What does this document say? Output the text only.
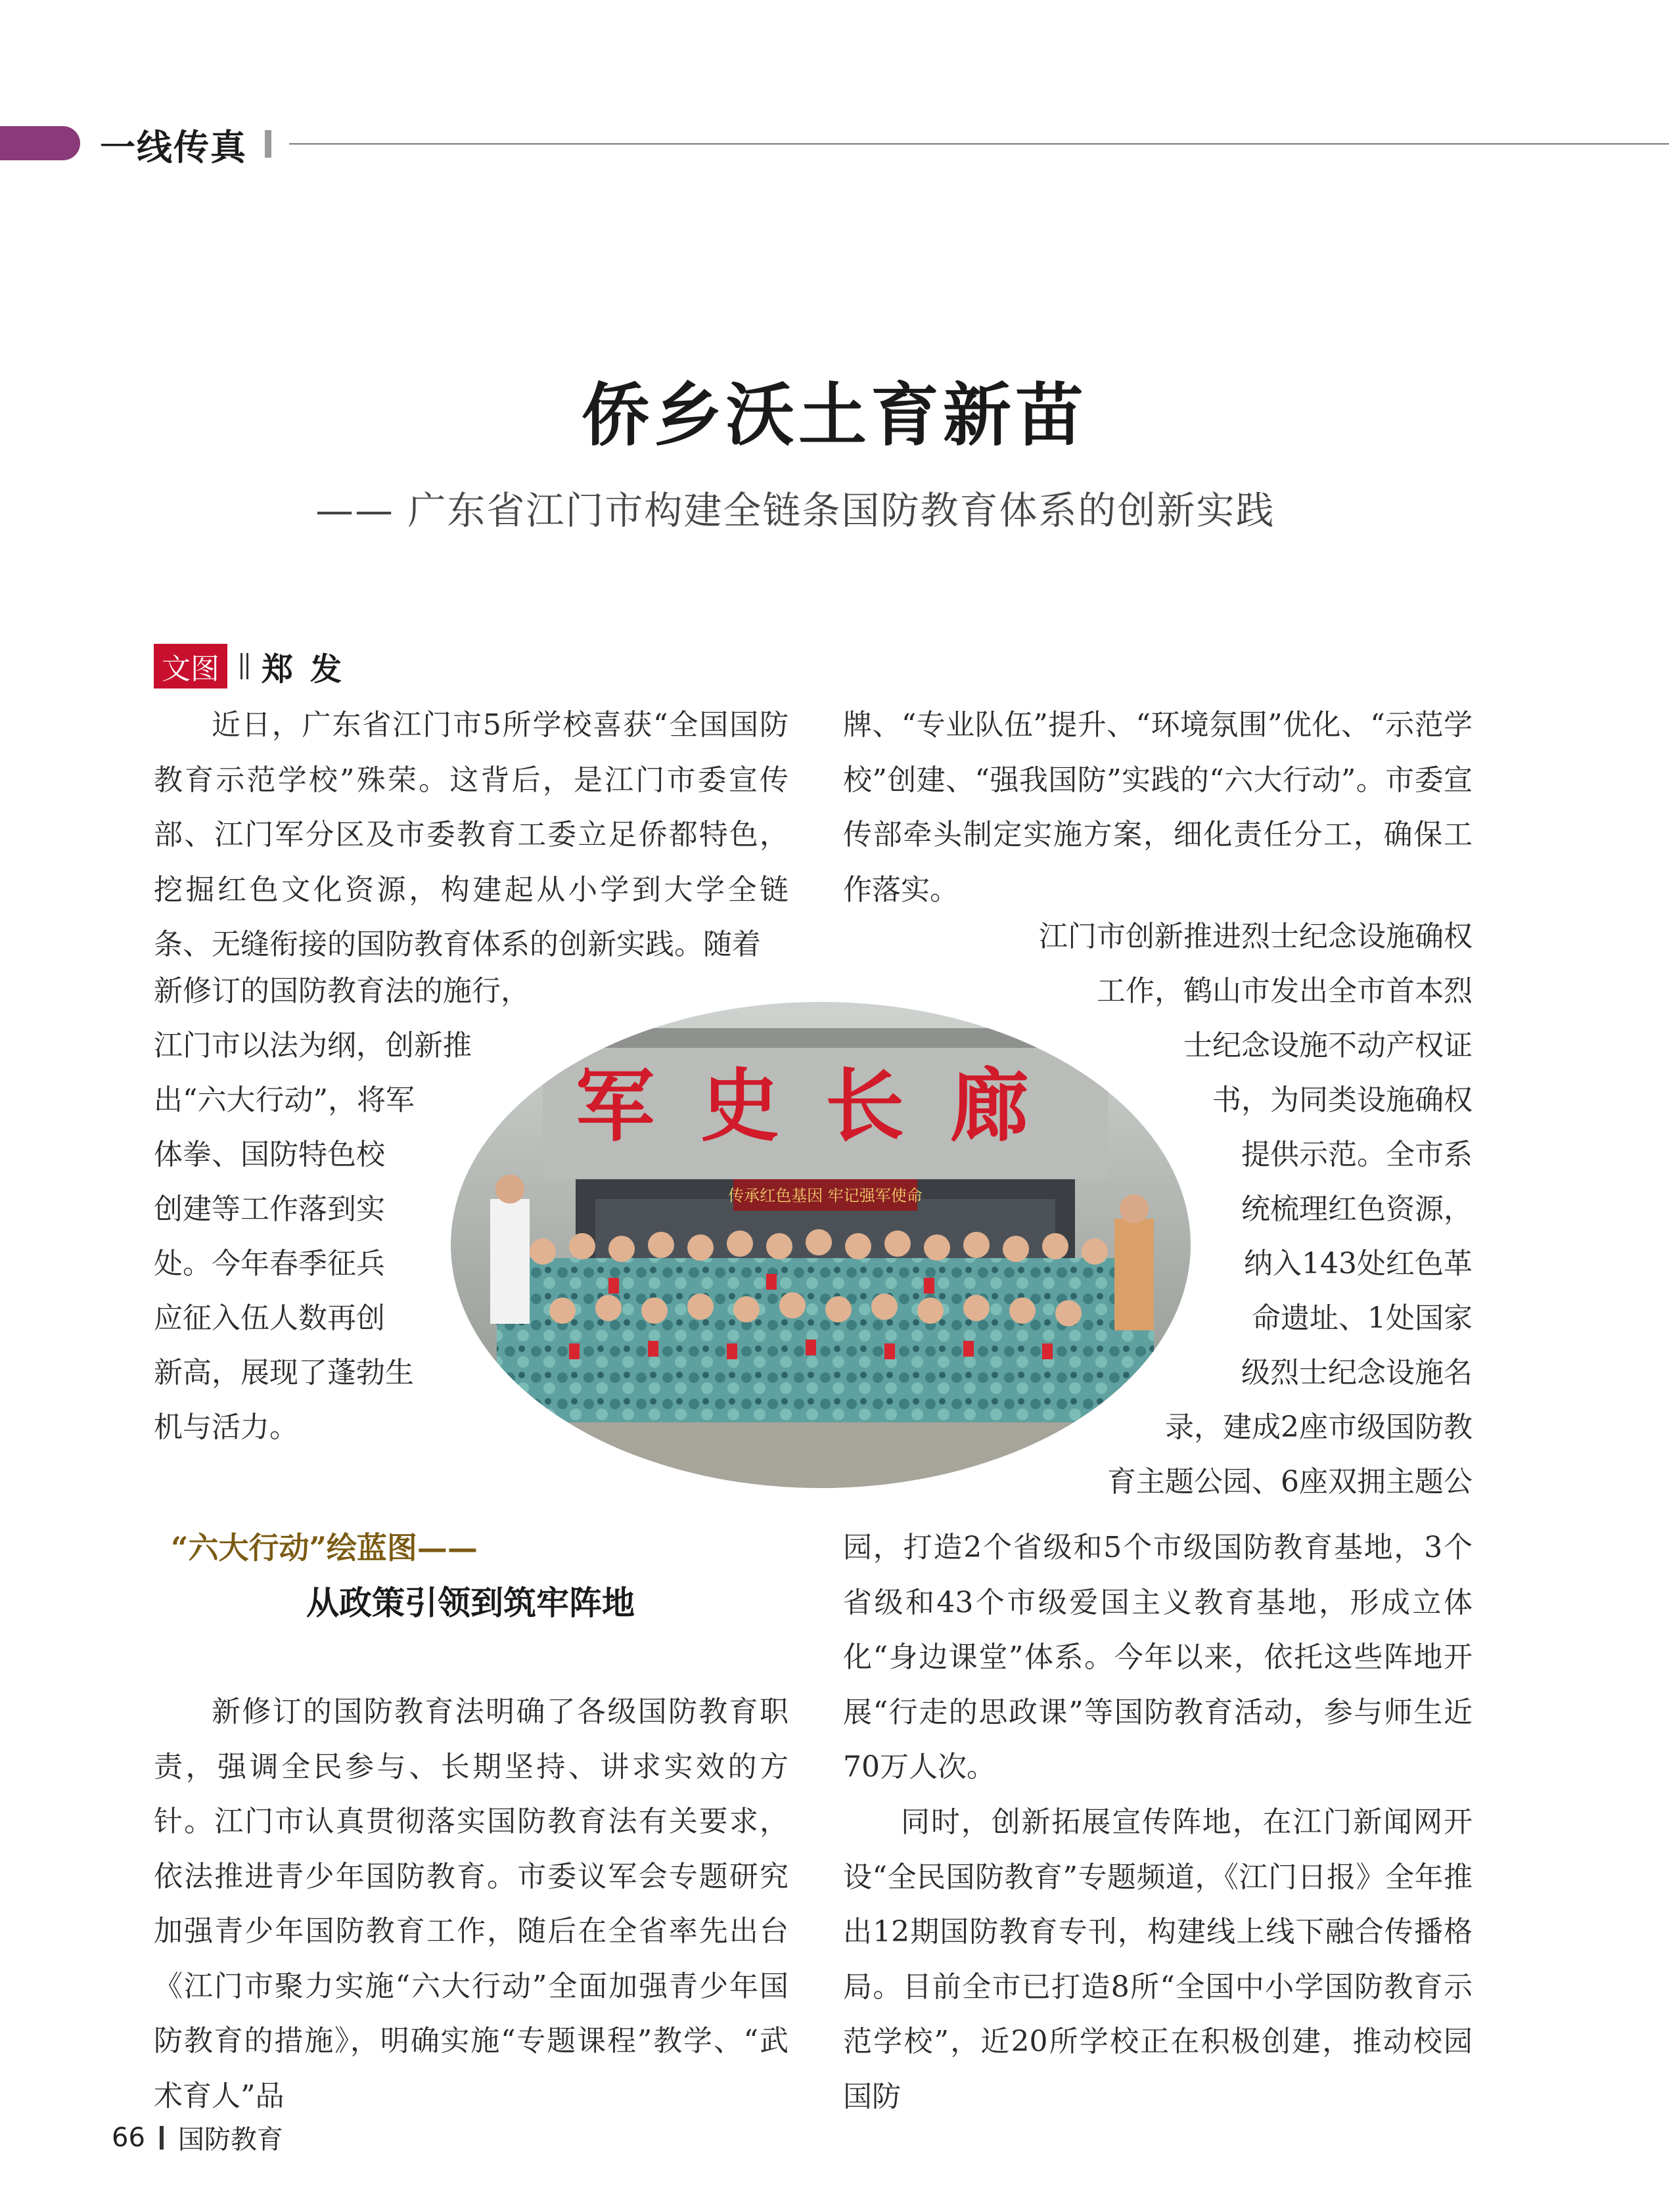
一线传真
侨乡沃土育新苗
—— 广东省江门市构建全链条国防教育体系的创新实践
文图 郑发

近日，广东省江门市5所学校喜获“全国国防教育示范学校”殊荣。这背后，是江门市委宣传部、江门军分区及市委教育工委立足侨都特色，挖掘红色文化资源，构建起从小学到大学全链条、无缝衔接的国防教育体系的创新实践。随着

新修订的国防教育法的施行，
江门市以法为纲，创新推
出“六大行动”，将军
体拳、国防特色校
创建等工作落到实
处。今年春季征兵
应征入伍人数再创
新高，展现了蓬勃生
机与活力。
“六大行动”绘蓝图——
从政策引领到筑牢阵地

新修订的国防教育法明确了各级国防教育职责，强调全民参与、长期坚持、讲求实效的方针。江门市认真贯彻落实国防教育法有关要求，依法推进青少年国防教育。市委议军会专题研究加强青少年国防教育工作，随后在全省率先出台《江门市聚力实施“六大行动”全面加强青少年国防教育的措施》，明确实施“专题课程”教学、“武术育人”品

牌、“专业队伍”提升、“环境氛围”优化、“示范学校”创建、“强我国防”实践的“六大行动”。市委宣传部牵头制定实施方案，细化责任分工，确保工作落实。

江门市创新推进烈士纪念设施确权
工作，鹤山市发出全市首本烈
士纪念设施不动产权证
书，为同类设施确权
提供示范。全市系
统梳理红色资源，
纳入143处红色革
命遗址、1处国家
级烈士纪念设施名
录，建成2座市级国防教
育主题公园、6座双拥主题公

园，打造2个省级和5个市级国防教育基地，3个省级和43个市级爱国主义教育基地，形成立体化“身边课堂”体系。今年以来，依托这些阵地开展“行走的思政课”等国防教育活动，参与师生近70万人次。

同时，创新拓展宣传阵地，在江门新闻网开设“全民国防教育”专题频道，《江门日报》全年推出12期国防教育专刊，构建线上线下融合传播格局。目前全市已打造8所“全国中小学国防教育示范学校”，近20所学校正在积极创建，推动校园国防

军史长廊
传承红色基因 牢记强军使命
66 国防教育
